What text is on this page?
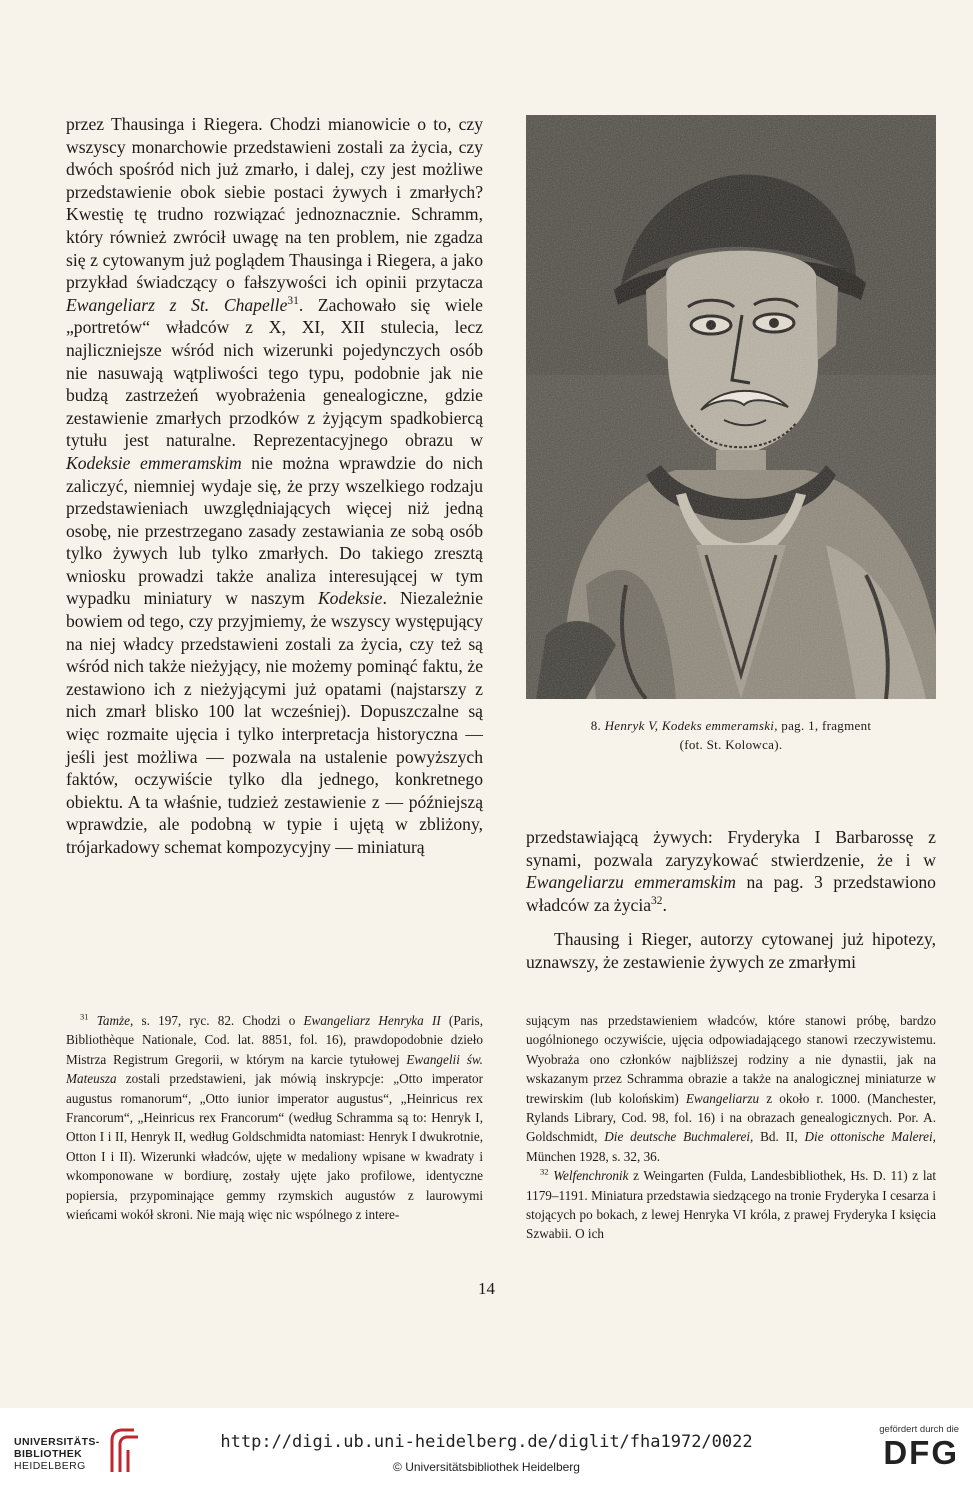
przez Thausinga i Riegera. Chodzi mianowicie o to, czy wszyscy monarchowie przedstawieni zostali za życia, czy dwóch spośród nich już zmarło, i dalej, czy jest możliwe przedstawienie obok siebie postaci żywych i zmarłych? Kwestię tę trudno rozwiązać jednoznacznie. Schramm, który również zwrócił uwagę na ten problem, nie zgadza się z cytowanym już poglądem Thausinga i Riegera, a jako przykład świadczący o fałszywości ich opinii przytacza Ewangeliarz z St. Chapelle$^{31}$. Zachowało się wiele „portretów“ władców z X, XI, XII stulecia, lecz najliczniejsze wśród nich wizerunki pojedynczych osób nie nasuwają wątpliwości tego typu, podobnie jak nie budzą zastrzeżeń wyobrażenia genealogiczne, gdzie zestawienie zmarłych przodków z żyjącym spadkobiercą tytułu jest naturalne. Reprezentacyjnego obrazu w Kodeksie emmeramskim nie można wprawdzie do nich zaliczyć, niemniej wydaje się, że przy wszelkiego rodzaju przedstawieniach uwzględniających więcej niż jedną osobę, nie przestrzegano zasady zestawiania ze sobą osób tylko żywych lub tylko zmarłych. Do takiego zresztą wniosku prowadzi także analiza interesującej w tym wypadku miniatury w naszym Kodeksie. Niezależnie bowiem od tego, czy przyjmiemy, że wszyscy występujący na niej władcy przedstawieni zostali za życia, czy też są wśród nich także nieżyjący, nie możemy pominąć faktu, że zestawiono ich z nieżyjącymi już opatami (najstarszy z nich zmarł blisko 100 lat wcześniej). Dopuszczalne są więc rozmaite ujęcia i tylko interpretacja historyczna — jeśli jest możliwa — pozwala na ustalenie powyższych faktów, oczywiście tylko dla jednego, konkretnego obiektu. A ta właśnie, tudzież zestawienie z — późniejszą wprawdzie, ale podobną w typie i ujętą w zbliżony, trójarkadowy schemat kompozycyjny — miniaturą

8. Henryk V, Kodeks emmeramski, pag. 1, fragment
(fot. St. Kolowca).

przedstawiającą żywych: Fryderyka I Barbarossę z synami, pozwala zaryzykować stwierdzenie, że i w Ewangeliarzu emmeramskim na pag. 3 przedstawiono władców za życia$^{32}$.

Thausing i Rieger, autorzy cytowanej już hipotezy, uznawszy, że zestawienie żywych ze zmarłymi

$^{31}$ Tamże, s. 197, ryc. 82. Chodzi o Ewangeliarz Henryka II (Paris, Bibliothèque Nationale, Cod. lat. 8851, fol. 16), prawdopodobnie dzieło Mistrza Registrum Gregorii, w którym na karcie tytułowej Ewangelii św. Mateusza zostali przedstawieni, jak mówią inskrypcje: „Otto imperator augustus romanorum“, „Otto iunior imperator augustus“, „Heinricus rex Francorum“, „Heinricus rex Francorum“ (według Schramma są to: Henryk I, Otton I i II, Henryk II, według Goldschmidta natomiast: Henryk I dwukrotnie, Otton I i II). Wizerunki władców, ujęte w medaliony wpisane w kwadraty i wkomponowane w bordiurę, zostały ujęte jako profilowe, identyczne popiersia, przypominające gemmy rzymskich augustów z laurowymi wieńcami wokół skroni. Nie mają więc nic wspólnego z intere-

sującym nas przedstawieniem władców, które stanowi próbę, bardzo uogólnionego oczywiście, ujęcia odpowiadającego stanowi rzeczywistemu. Wyobraża ono członków najbliższej rodziny a nie dynastii, jak na wskazanym przez Schramma obrazie a także na analogicznej miniaturze w trewirskim (lub kolońskim) Ewangeliarzu z około r. 1000. (Manchester, Rylands Library, Cod. 98, fol. 16) i na obrazach genealogicznych. Por. A. Goldschmidt, Die deutsche Buchmalerei, Bd. II, Die ottonische Malerei, München 1928, s. 32, 36.

$^{32}$ Welfenchronik z Weingarten (Fulda, Landesbibliothek, Hs. D. 11) z lat 1179–1191. Miniatura przedstawia siedzącego na tronie Fryderyka I cesarza i stojących po bokach, z lewej Henryka VI króla, z prawej Fryderyka I księcia Szwabii. O ich

14
UNIVERSITÄTS-
BIBLIOTHEK
HEIDELBERG
http://digi.ub.uni-heidelberg.de/diglit/fha1972/0022
© Universitätsbibliothek Heidelberg
gefördert durch die
DFG
